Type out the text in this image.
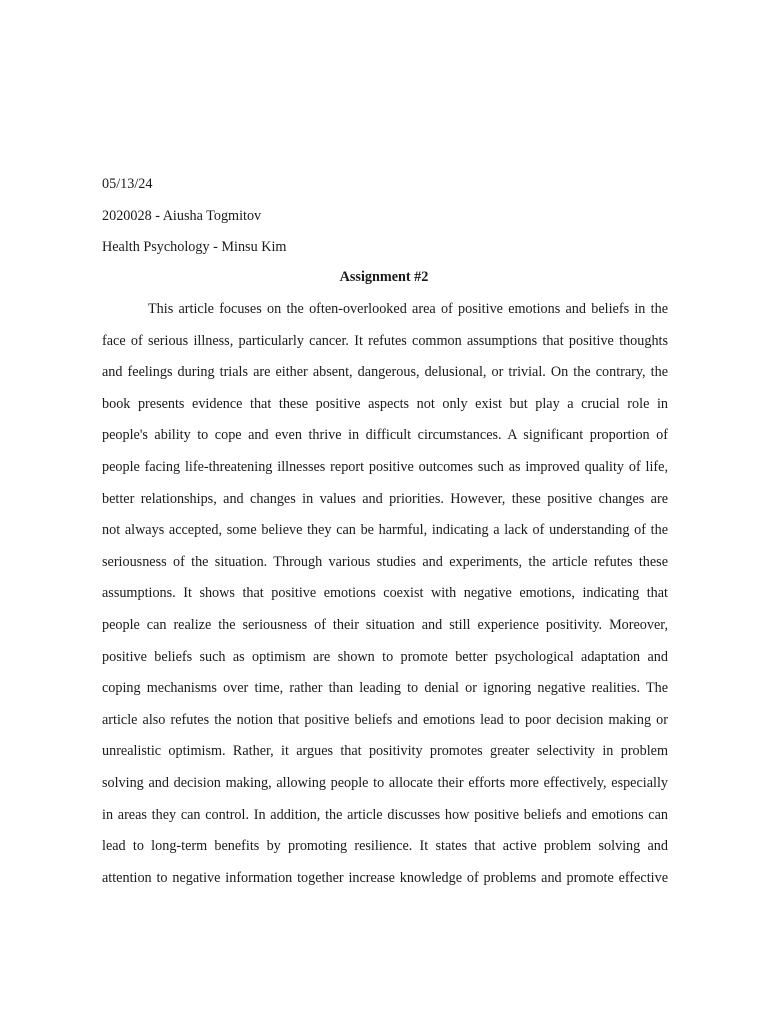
05/13/24
2020028 - Aiusha Togmitov
Health Psychology - Minsu Kim
Assignment #2
This article focuses on the often-overlooked area of positive emotions and beliefs in the
face of serious illness, particularly cancer. It refutes common assumptions that positive thoughts
and feelings during trials are either absent, dangerous, delusional, or trivial. On the contrary, the
book presents evidence that these positive aspects not only exist but play a crucial role in
people's ability to cope and even thrive in difficult circumstances. A significant proportion of
people facing life-threatening illnesses report positive outcomes such as improved quality of life,
better relationships, and changes in values and priorities. However, these positive changes are
not always accepted, some believe they can be harmful, indicating a lack of understanding of the
seriousness of the situation. Through various studies and experiments, the article refutes these
assumptions. It shows that positive emotions coexist with negative emotions, indicating that
people can realize the seriousness of their situation and still experience positivity. Moreover,
positive beliefs such as optimism are shown to promote better psychological adaptation and
coping mechanisms over time, rather than leading to denial or ignoring negative realities. The
article also refutes the notion that positive beliefs and emotions lead to poor decision making or
unrealistic optimism. Rather, it argues that positivity promotes greater selectivity in problem
solving and decision making, allowing people to allocate their efforts more effectively, especially
in areas they can control. In addition, the article discusses how positive beliefs and emotions can
lead to long-term benefits by promoting resilience. It states that active problem solving and
attention to negative information together increase knowledge of problems and promote effective
